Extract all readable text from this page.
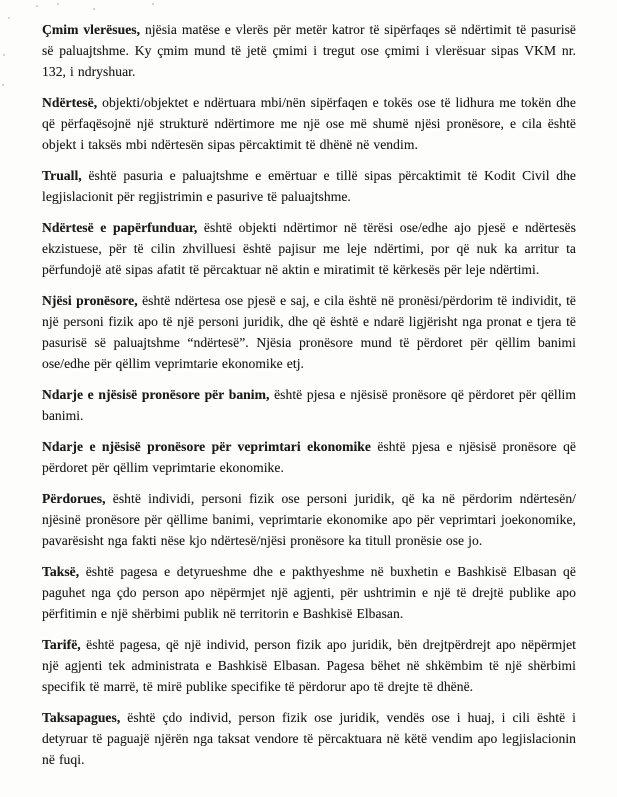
Çmim vlerësues, njësia matëse e vlerës për metër katror të sipërfaqes së ndërtimit të pasurisë së paluajtshme. Ky çmim mund të jetë çmimi i tregut ose çmimi i vlerësuar sipas VKM nr. 132, i ndryshuar.

Ndërtesë, objekti/objektet e ndërtuara mbi/nën sipërfaqen e tokës ose të lidhura me tokën dhe që përfaqësojnë një strukturë ndërtimore me një ose më shumë njësi pronësore, e cila është objekt i taksës mbi ndërtesën sipas përcaktimit të dhënë në vendim.

Truall, është pasuria e paluajtshme e emërtuar e tillë sipas përcaktimit të Kodit Civil dhe legjislacionit për regjistrimin e pasurive të paluajtshme.

Ndërtesë e papërfunduar, është objekti ndërtimor në tërësi ose/edhe ajo pjesë e ndërtesës ekzistuese, për të cilin zhvilluesi është pajisur me leje ndërtimi, por që nuk ka arritur ta përfundojë atë sipas afatit të përcaktuar në aktin e miratimit të kërkesës për leje ndërtimi.

Njësi pronësore, është ndërtesa ose pjesë e saj, e cila është në pronësi/përdorim të individit, të një personi fizik apo të një personi juridik, dhe që është e ndarë ligjërisht nga pronat e tjera të pasurisë së paluajtshme “ndërtesë”. Njësia pronësore mund të përdoret për qëllim banimi ose/edhe për qëllim veprimtarie ekonomike etj.

Ndarje e njësisë pronësore për banim, është pjesa e njësisë pronësore që përdoret për qëllim banimi.

Ndarje e njësisë pronësore për veprimtari ekonomike është pjesa e njësisë pronësore që përdoret për qëllim veprimtarie ekonomike.

Përdorues, është individi, personi fizik ose personi juridik, që ka në përdorim ndërtesën/ njësinë pronësore për qëllime banimi, veprimtarie ekonomike apo për veprimtari joekonomike, pavarësisht nga fakti nëse kjo ndërtesë/njësi pronësore ka titull pronësie ose jo.

Taksë, është pagesa e detyrueshme dhe e pakthyeshme në buxhetin e Bashkisë Elbasan që paguhet nga çdo person apo nëpërmjet një agjenti, për ushtrimin e një të drejtë publike apo përfitimin e një shërbimi publik në territorin e Bashkisë Elbasan.

Tarifë, është pagesa, që një individ, person fizik apo juridik, bën drejtpërdrejt apo nëpërmjet një agjenti tek administrata e Bashkisë Elbasan. Pagesa bëhet në shkëmbim të një shërbimi specifik të marrë, të mirë publike specifike të përdorur apo të drejte të dhënë.

Taksapagues, është çdo individ, person fizik ose juridik, vendës ose i huaj, i cili është i detyruar të paguajë njërën nga taksat vendore të përcaktuara në këtë vendim apo legjislacionin në fuqi.
